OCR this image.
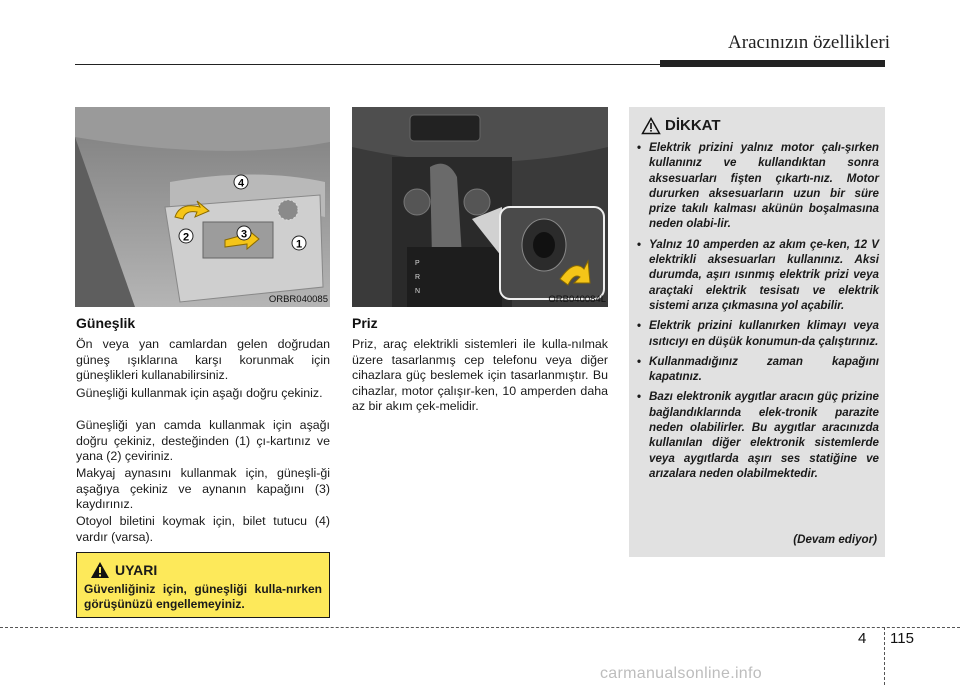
Aracınızın özellikleri
4
2	3
1
ORBR040085
P
R
N
ORB040084L
Güneşlik

Ön veya yan camlardan gelen doğrudan güneş ışıklarına karşı korunmak için güneşlikleri kullanabilirsiniz.

Güneşliği kullanmak için aşağı doğru çekiniz.

Güneşliği yan camda kullanmak için aşağı doğru çekiniz, desteğinden (1) çı-kartınız ve yana (2) çeviriniz.

Makyaj aynasını kullanmak için, güneşli-ği aşağıya çekiniz ve aynanın kapağını (3) kaydırınız.

Otoyol biletini koymak için, bilet tutucu (4) vardır (varsa).

UYARI
Güvenliğiniz için, güneşliği kulla-nırken görüşünüzü engellemeyiniz.
Priz

Priz, araç elektrikli sistemleri ile kulla-nılmak üzere tasarlanmış cep telefonu veya diğer cihazlara güç beslemek için tasarlanmıştır. Bu cihazlar, motor çalışır-ken, 10 amperden daha az bir akım çek-melidir.

DİKKAT
• Elektrik prizini yalnız motor çalı-şırken kullanınız ve kullandıktan sonra aksesuarları fişten çıkartı-nız. Motor dururken aksesuarların uzun bir süre prize takılı kalması akünün boşalmasına neden olabi-lir.
• Yalnız 10 amperden az akım çe-ken, 12 V elektrikli aksesuarları kullanınız. Aksi durumda, aşırı ısınmış elektrik prizi veya araçtaki elektrik tesisatı ve elektrik sistemi arıza çıkmasına yol açabilir.
• Elektrik prizini kullanırken klimayı veya ısıtıcıyı en düşük konumun-da çalıştırınız.
• Kullanmadığınız zaman kapağını kapatınız.
• Bazı elektronik aygıtlar aracın güç prizine bağlandıklarında elek-tronik parazite neden olabilirler. Bu aygıtlar aracınızda kullanılan diğer elektronik sistemlerde veya aygıtlarda aşırı ses statiğine ve arızalara neden olabilmektedir.
(Devam ediyor)
4 115
carmanualsonline.info
